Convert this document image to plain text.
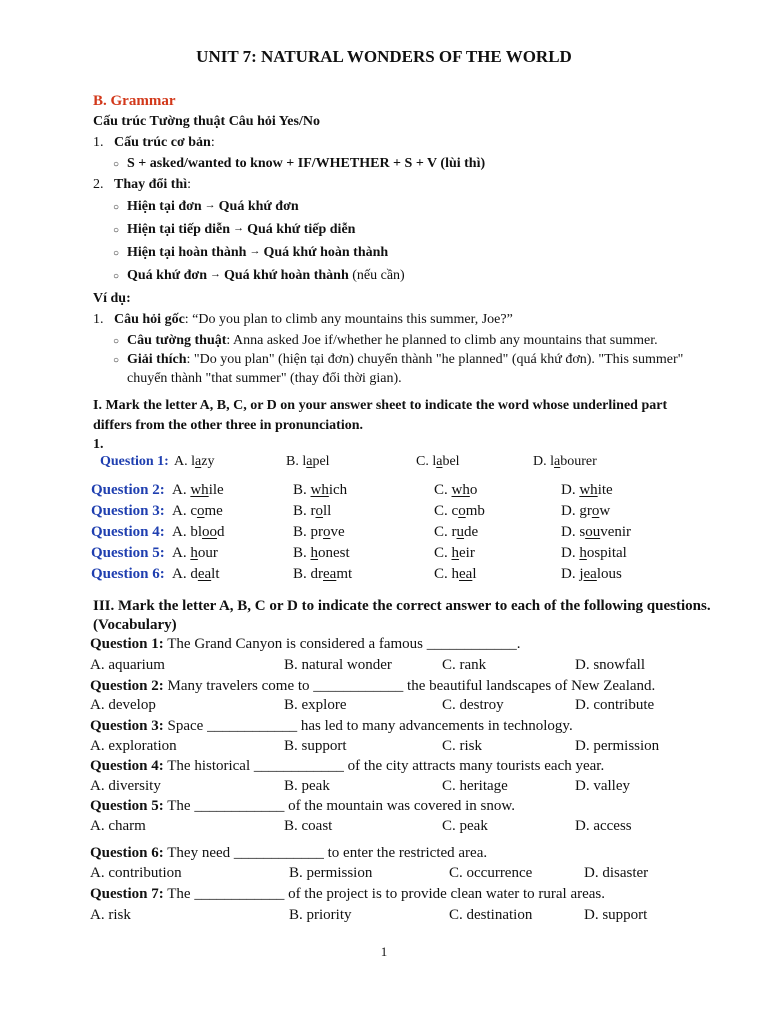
UNIT 7: NATURAL WONDERS OF THE WORLD
B. Grammar
Cấu trúc Tường thuật Câu hỏi Yes/No
1. Cấu trúc cơ bản:
○ S + asked/wanted to know + IF/WHETHER + S + V (lùi thì)
2. Thay đổi thì:
○ Hiện tại đơn → Quá khứ đơn
○ Hiện tại tiếp diễn → Quá khứ tiếp diễn
○ Hiện tại hoàn thành → Quá khứ hoàn thành
○ Quá khứ đơn → Quá khứ hoàn thành (nếu cần)
Ví dụ:
1. Câu hỏi gốc: “Do you plan to climb any mountains this summer, Joe?”
○ Câu tường thuật: Anna asked Joe if/whether he planned to climb any mountains that summer.
○ Giải thích: "Do you plan" (hiện tại đơn) chuyển thành "he planned" (quá khứ đơn). "This summer"
chuyển thành "that summer" (thay đổi thời gian).
I. Mark the letter A, B, C, or D on your answer sheet to indicate the word whose underlined part
differs from the other three in pronunciation.
1.
Question 1: A. lazy	B. lapel	C. label	D. labourer
Question 2: A. while	B. which	C. who	D. white
Question 3: A. come	B. roll	C. comb	D. grow
Question 4: A. blood	B. prove	C. rude	D. souvenir
Question 5: A. hour	B. honest	C. heir	D. hospital
Question 6: A. dealt	B. dreamt	C. heal	D. jealous
III. Mark the letter A, B, C or D to indicate the correct answer to each of the following questions.
(Vocabulary)
Question 1: The Grand Canyon is considered a famous ____________.
A. aquarium	B. natural wonder	C. rank	D. snowfall
Question 2: Many travelers come to ____________ the beautiful landscapes of New Zealand.
A. develop	B. explore	C. destroy	D. contribute
Question 3: Space ____________ has led to many advancements in technology.
A. exploration	B. support	C. risk	D. permission
Question 4: The historical ____________ of the city attracts many tourists each year.
A. diversity	B. peak	C. heritage	D. valley
Question 5: The ____________ of the mountain was covered in snow.
A. charm	B. coast	C. peak	D. access
Question 6: They need ____________ to enter the restricted area.
A. contribution	B. permission	C. occurrence	D. disaster
Question 7: The ____________ of the project is to provide clean water to rural areas.
A. risk	B. priority	C. destination	D. support
1
